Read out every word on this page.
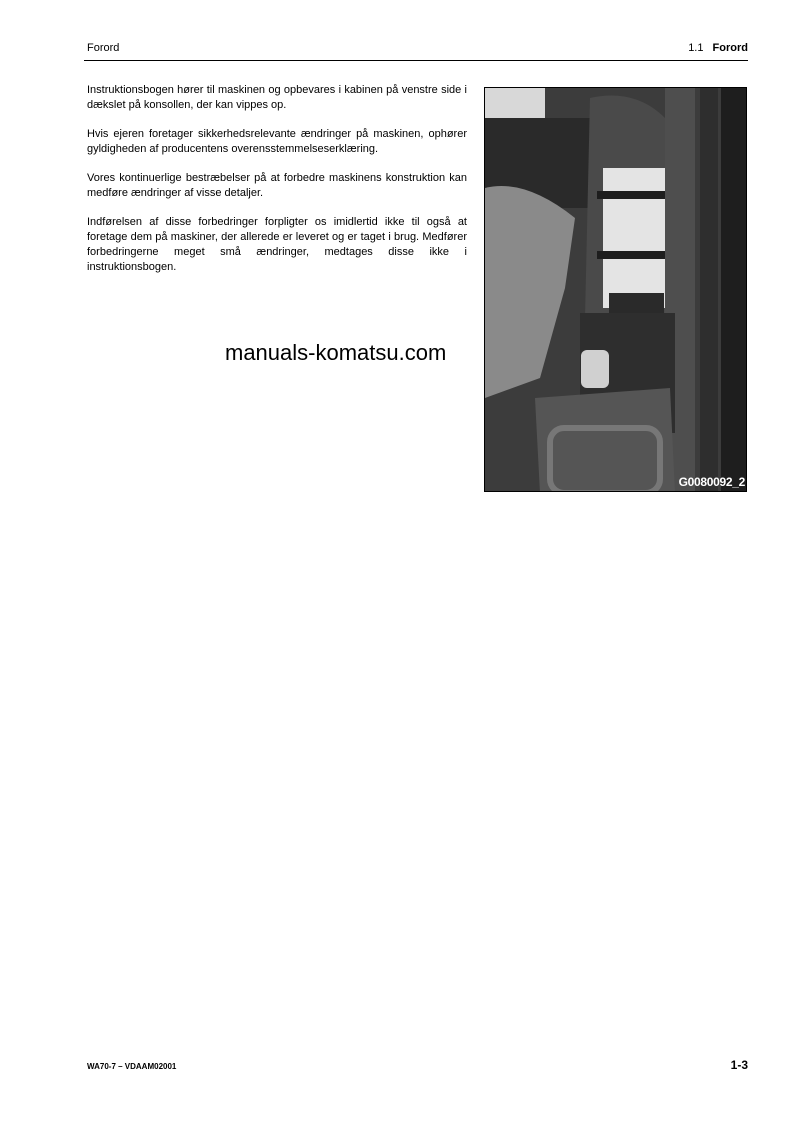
Forord	1.1 Forord

Instruktionsbogen hører til maskinen og opbevares i kabinen på venstre side i dækslet på konsollen, der kan vippes op.

Hvis ejeren foretager sikkerhedsrelevante ændringer på maskinen, ophører gyldigheden af producentens overensstemmelseserklæring.

Vores kontinuerlige bestræbelser på at forbedre maskinens konstruktion kan medføre ændringer af visse detaljer.

Indførelsen af disse forbedringer forpligter os imidlertid ikke til også at foretage dem på maskiner, der allerede er leveret og er taget i brug. Medfører forbedringerne meget små ændringer, medtages disse ikke i instruktionsbogen.

G0080092_2
manuals-komatsu.com
WA70-7 – VDAAM02001	1-3
